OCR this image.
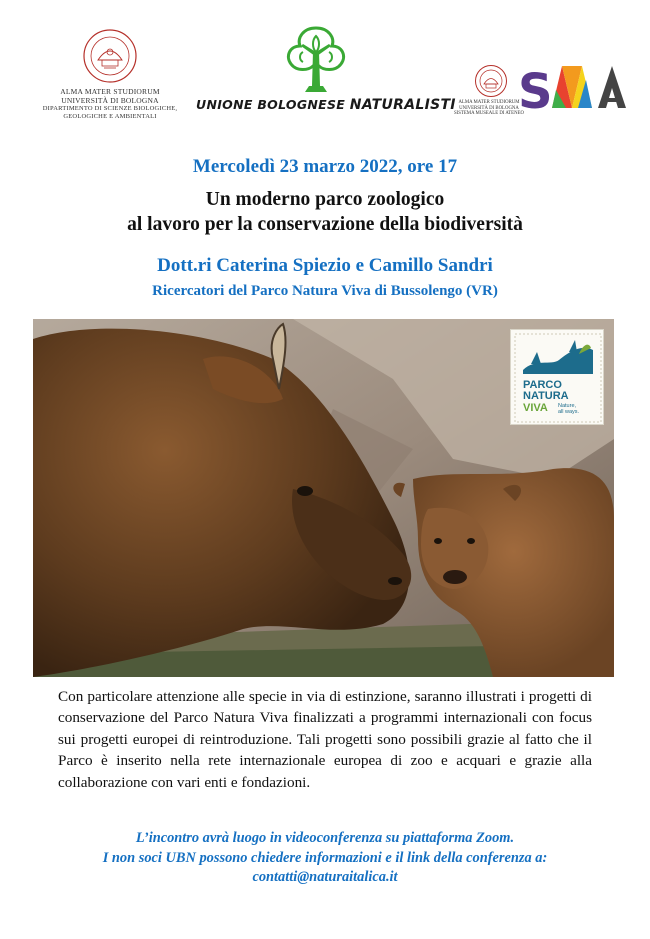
ALMA MATER STUDIORUM
UNIVERSITÀ DI BOLOGNA
DIPARTIMENTO DI SCIENZE BIOLOGICHE,
GEOLOGICHE E AMBIENTALI
UNIONE BOLOGNESE NATURALISTI ALMA MATER STUDIORUM
UNIVERSITÀ DI BOLOGNA
SISTEMA MUSEALE DI ATENEO
S
Mercoledì 23 marzo 2022, ore 17
Un moderno parco zoologico
al lavoro per la conservazione della biodiversità
Dott.ri Caterina Spiezio e Camillo Sandri
Ricercatori del Parco Natura Viva di Bussolengo (VR)
PARCO
NATURA
VIVA Nature,
all ways.
Con particolare attenzione alle specie in via di estinzione, saranno illustrati i progetti di conservazione del Parco Natura Viva finalizzati a programmi internazionali con focus sui progetti europei di reintroduzione. Tali progetti sono possibili grazie al fatto che il Parco è inserito nella rete internazionale europea di zoo e acquari e grazie alla collaborazione con vari enti e fondazioni.
L’incontro avrà luogo in videoconferenza su piattaforma Zoom.
I non soci UBN possono chiedere informazioni e il link della conferenza a:
contatti@naturaitalica.it
